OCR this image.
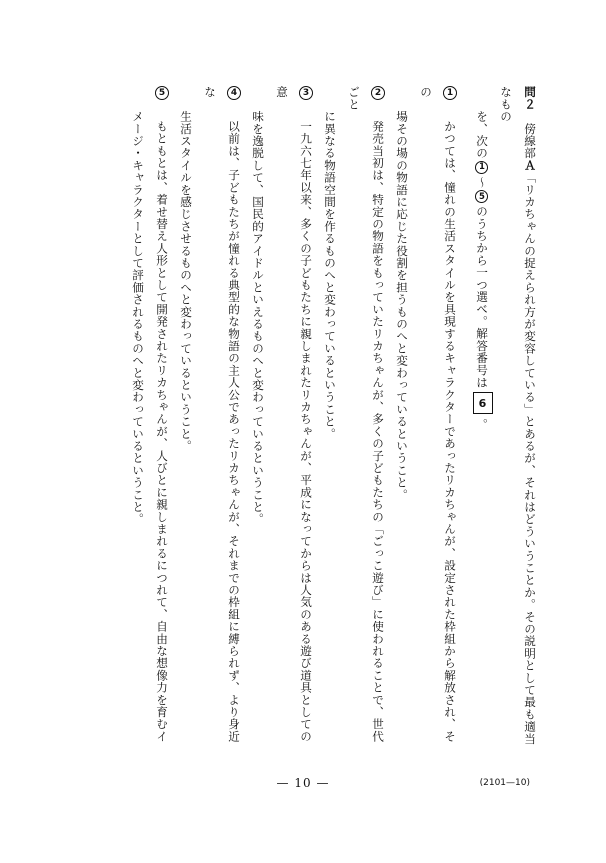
問２　傍線部Ａ「リカちゃんの捉えられ方が変容している」とあるが、それはどういうことか。その説明として最も適当なもの
　　を、次の1〜5のうちから一つ選べ。解答番号は6。
1　かつては、憧れの生活スタイルを具現するキャラクターであったリカちゃんが、設定された枠組から解放され、その
　　場その場の物語に応じた役割を担うものへと変わっているということ。
2　発売当初は、特定の物語をもっていたリカちゃんが、多くの子どもたちの「ごっこ遊び」に使われることで、世代ごと
　　に異なる物語空間を作るものへと変わっているということ。
3　一九六七年以来、多くの子どもたちに親しまれたリカちゃんが、平成になってからは人気のある遊び道具としての意
　　味を逸脱して、国民的アイドルといえるものへと変わっているということ。
4　以前は、子どもたちが憧れる典型的な物語の主人公であったリカちゃんが、それまでの枠組に縛られず、より身近な
　　生活スタイルを感じさせるものへと変わっているということ。
5　もともとは、着せ替え人形として開発されたリカちゃんが、人びとに親しまれるにつれて、自由な想像力を育むイ
　　メージ・キャラクターとして評価されるものへと変わっているということ。
— 10 —	(2101—10)
